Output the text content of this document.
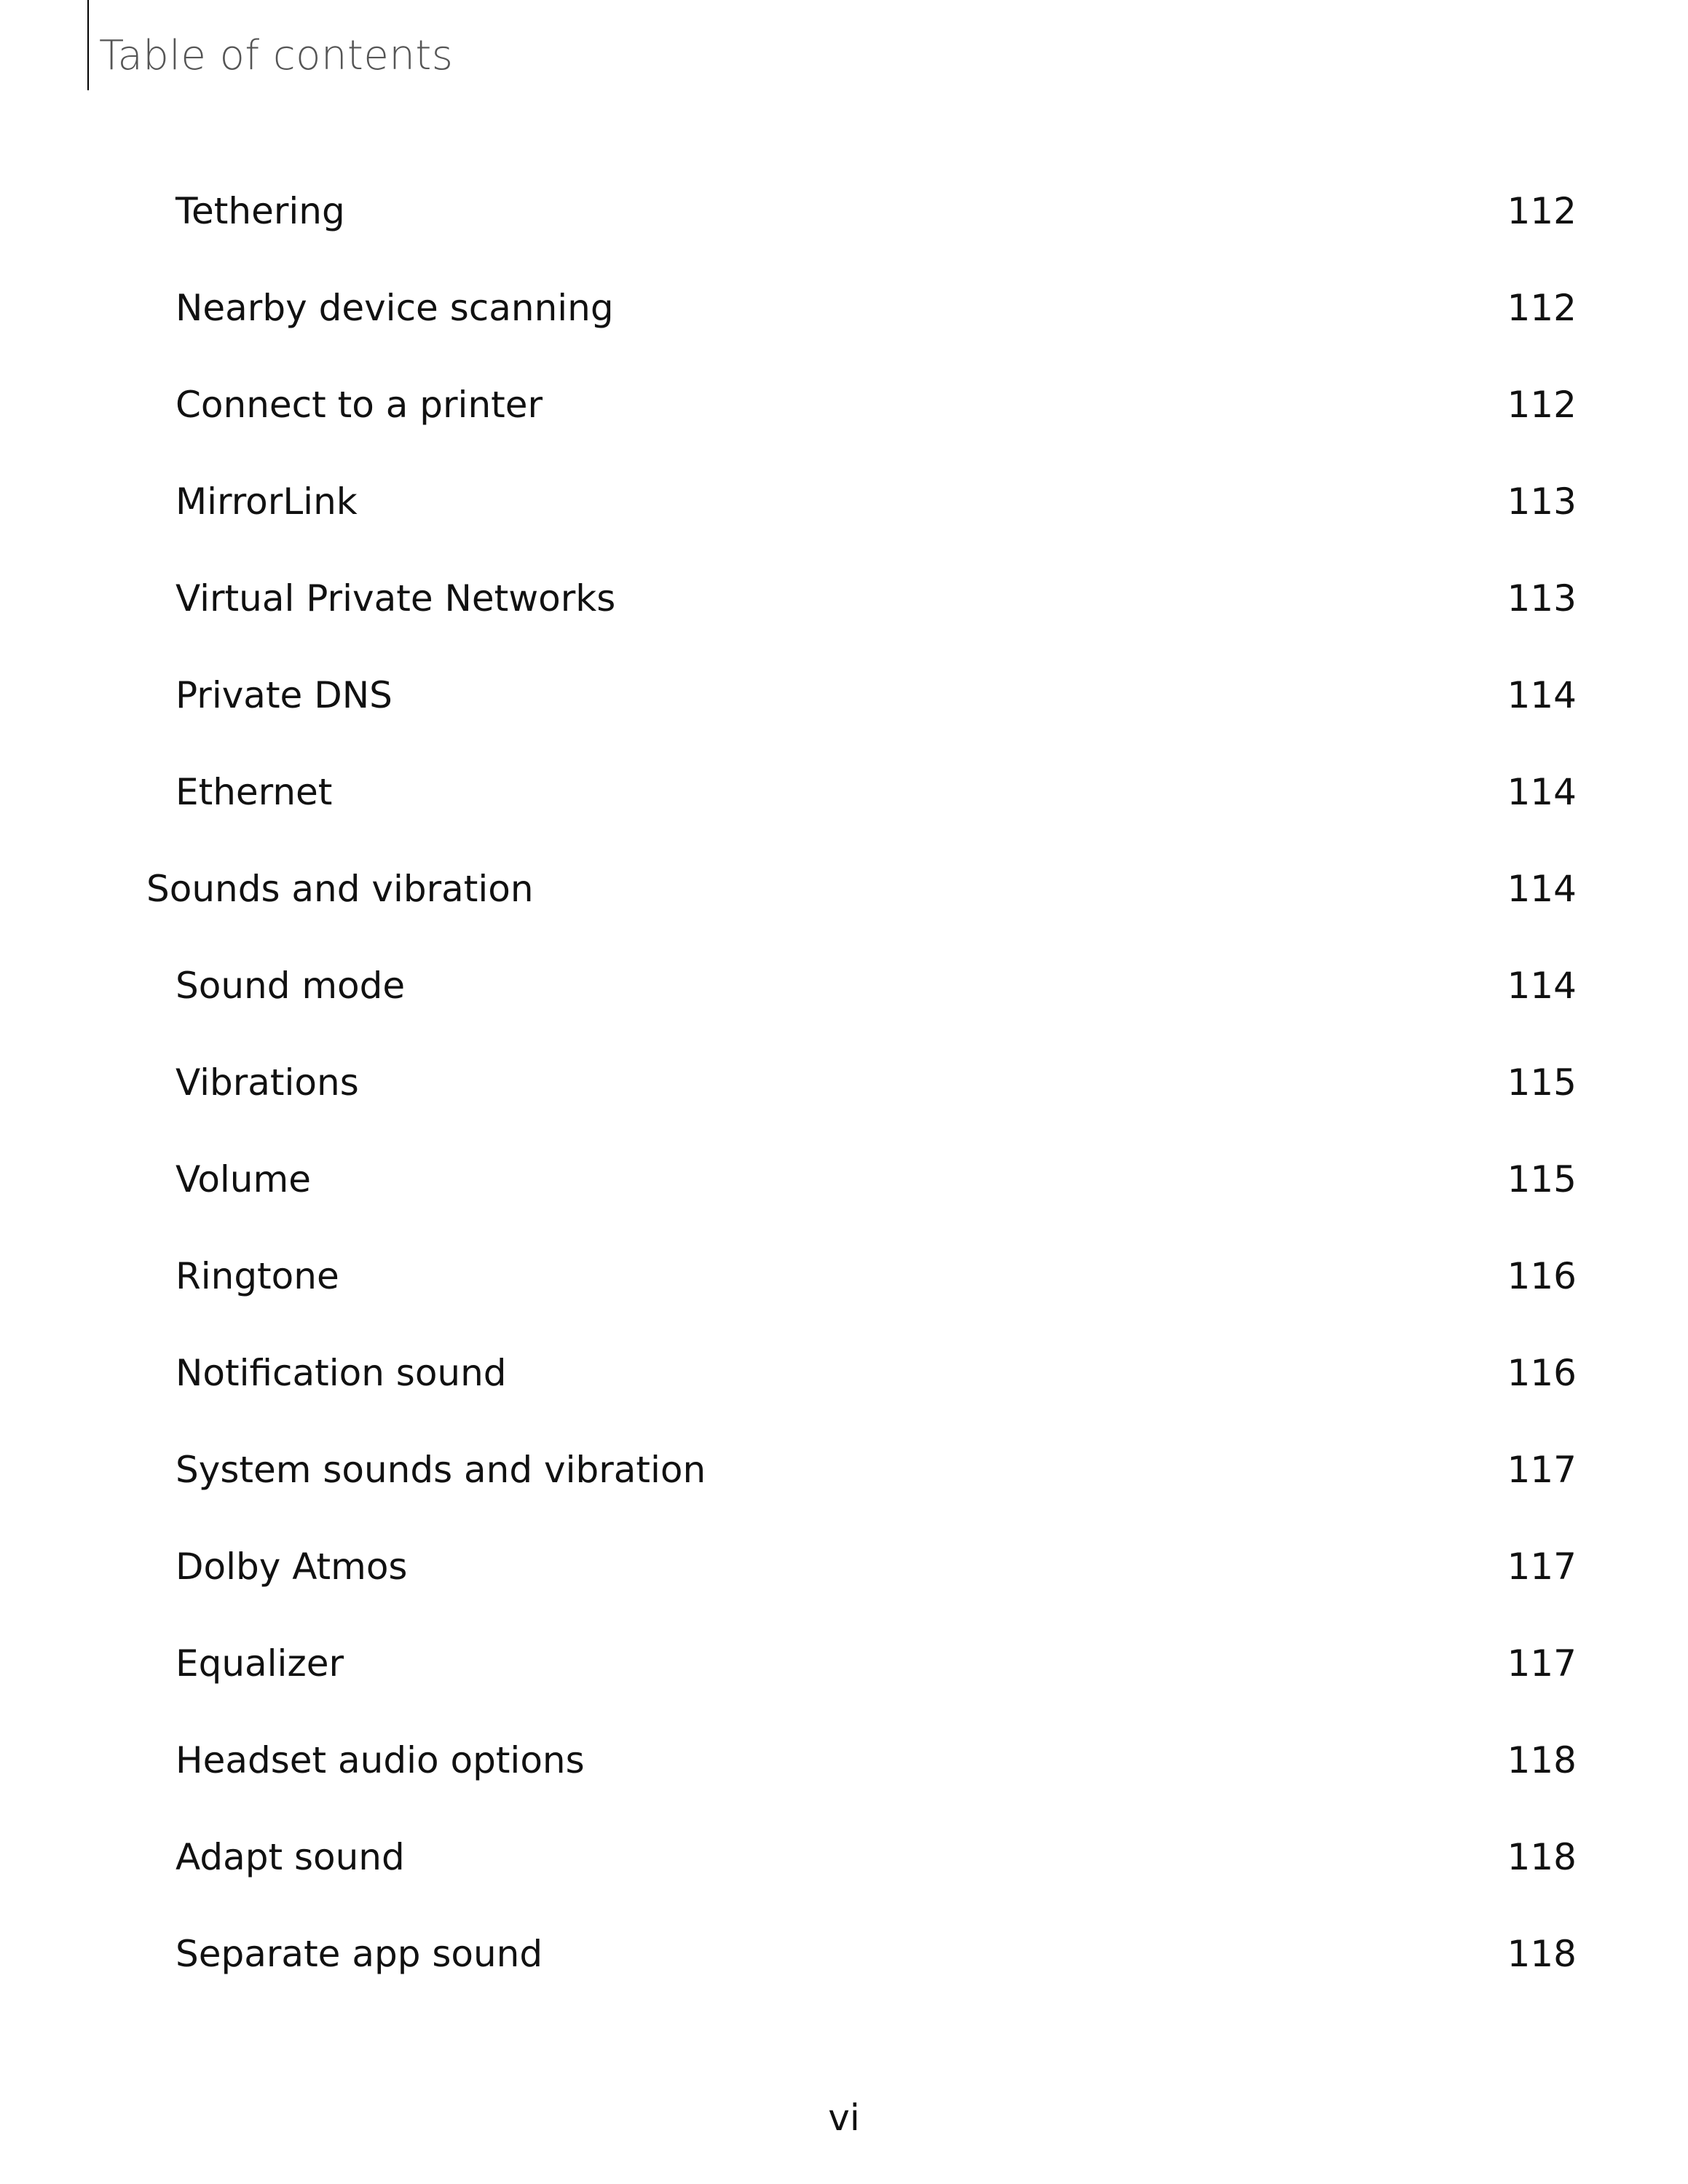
Table of contents
Tethering	112
Nearby device scanning	112
Connect to a printer	112
MirrorLink	113
Virtual Private Networks	113
Private DNS	114
Ethernet	114
Sounds and vibration	114
Sound mode	114
Vibrations	115
Volume	115
Ringtone	116
Notification sound	116
System sounds and vibration	117
Dolby Atmos	117
Equalizer	117
Headset audio options	118
Adapt sound	118
Separate app sound	118

vi
